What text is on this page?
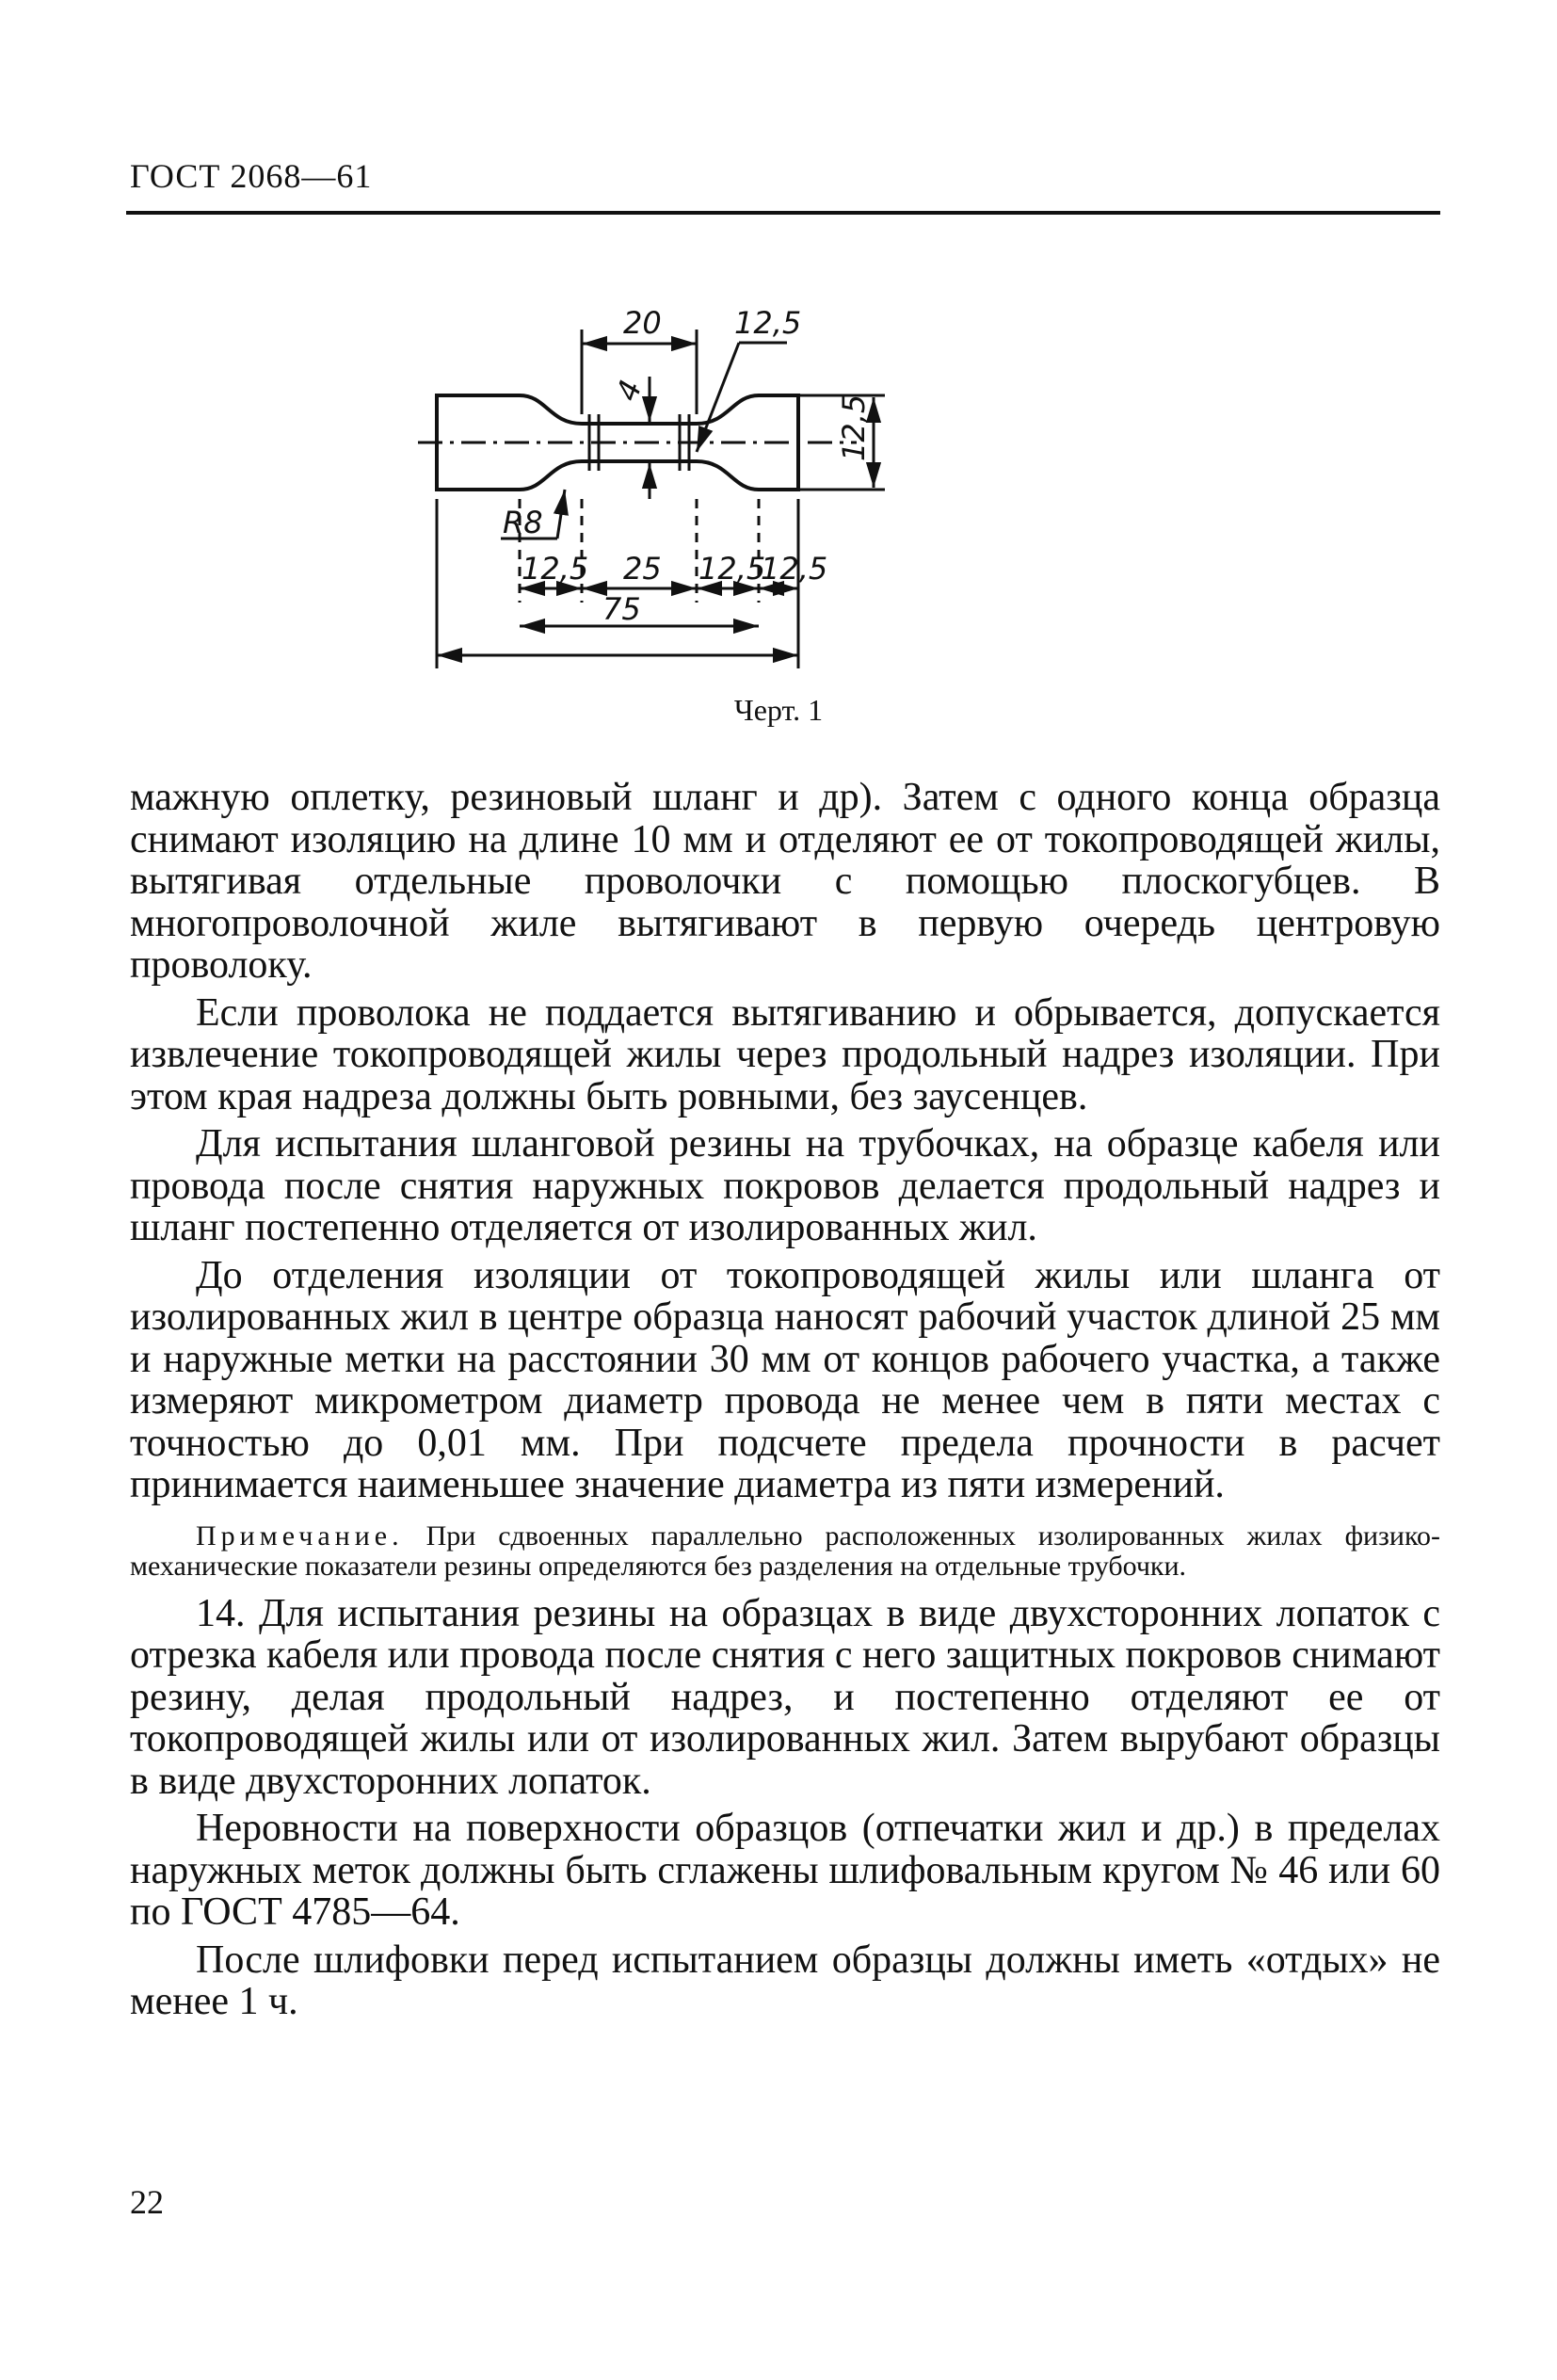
ГОСТ 2068—61
20
4
12,5
12,5
R8
12,5 25 12,5
12,5
75
Черт. 1

мажную оплетку, резиновый шланг и др). Затем с одного конца образца снимают изоляцию на длине 10 мм и отделяют ее от токопроводящей жилы, вытягивая отдельные проволочки с помощью плоскогубцев. В многопроволочной жиле вытягивают в первую очередь центровую проволоку.

Если проволока не поддается вытягиванию и обрывается, допускается извлечение токопроводящей жилы через продольный надрез изоляции. При этом края надреза должны быть ровными, без заусенцев.

Для испытания шланговой резины на трубочках, на образце кабеля или провода после снятия наружных покровов делается продольный надрез и шланг постепенно отделяется от изолированных жил.

До отделения изоляции от токопроводящей жилы или шланга от изолированных жил в центре образца наносят рабочий участок длиной 25 мм и наружные метки на расстоянии 30 мм от концов рабочего участка, а также измеряют микрометром диаметр провода не менее чем в пяти местах с точностью до 0,01 мм. При подсчете предела прочности в расчет принимается наименьшее значение диаметра из пяти измерений.

Примечание. При сдвоенных параллельно расположенных изолированных жилах физико-механические показатели резины определяются без разделения на отдельные трубочки.

14. Для испытания резины на образцах в виде двухсторонних лопаток с отрезка кабеля или провода после снятия с него защитных покровов снимают резину, делая продольный надрез, и постепенно отделяют ее от токопроводящей жилы или от изолированных жил. Затем вырубают образцы в виде двухсторонних лопаток.

Неровности на поверхности образцов (отпечатки жил и др.) в пределах наружных меток должны быть сглажены шлифовальным кругом № 46 или 60 по ГОСТ 4785—64.

После шлифовки перед испытанием образцы должны иметь «отдых» не менее 1 ч.

22
